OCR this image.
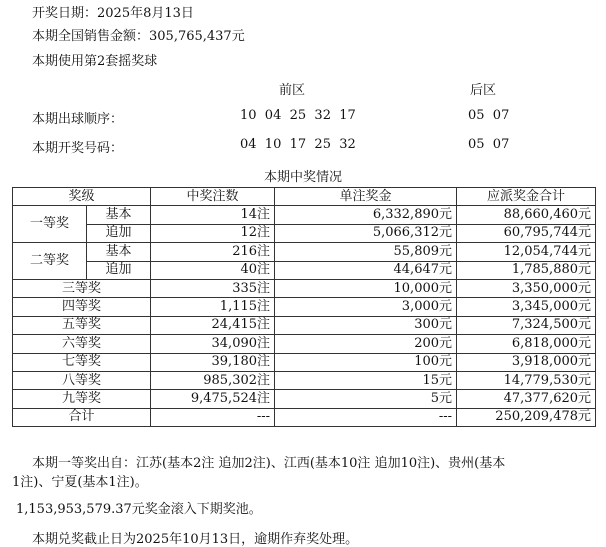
开奖日期：2025年8月13日
本期全国销售金额：305,765,437元
本期使用第2套摇奖球
前区	后区
本期出球顺序：	10  04  25  32  17	05  07
本期开奖号码：	04  10  17  25  32	05  07
本期中奖情况
奖级		中奖注数	单注奖金	应派奖金合计
一等奖	基本	14注	6,332,890元	88,660,460元
	追加	12注	5,066,312元	60,795,744元
二等奖	基本	216注	55,809元	12,054,744元
	追加	40注	44,647元	1,785,880元
三等奖		335注	10,000元	3,350,000元
四等奖		1,115注	3,000元	3,345,000元
五等奖		24,415注	300元	7,324,500元
六等奖		34,090注	200元	6,818,000元
七等奖		39,180注	100元	3,918,000元
八等奖		985,302注	15元	14,779,530元
九等奖		9,475,524注	5元	47,377,620元
合计		---	---	250,209,478元
本期一等奖出自：江苏(基本2注 追加2注)、江西(基本10注 追加10注)、贵州(基本
1注)、宁夏(基本1注)。
1,153,953,579.37元奖金滚入下期奖池。
本期兑奖截止日为2025年10月13日，逾期作弃奖处理。
